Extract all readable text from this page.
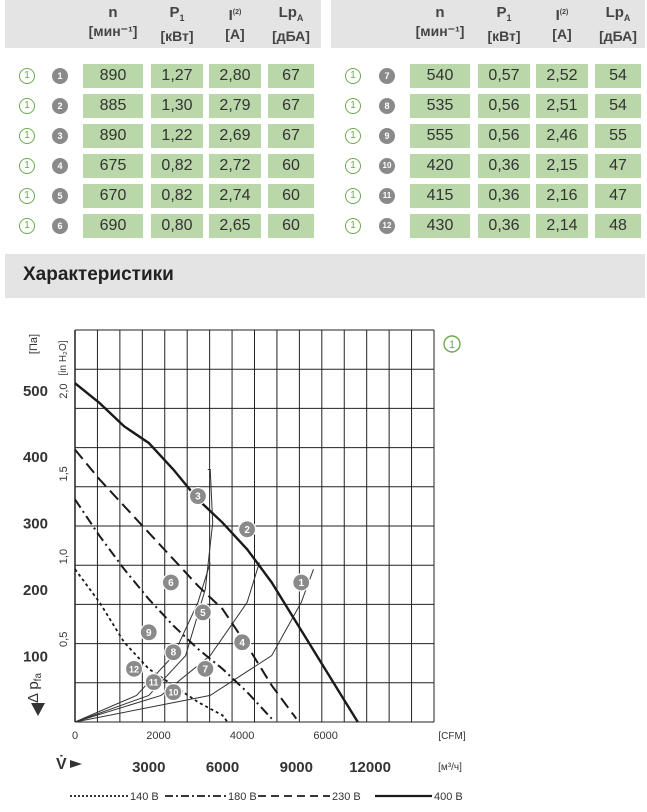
n
[мин⁻¹]
$P_1$
[кВт]
$I^{(2)}$
[A]
$Lp_A$
[дБА]
1	1	890	1,27	2,80	67
1	2	885	1,30	2,79	67
1	3	890	1,22	2,69	67
1	4	675	0,82	2,72	60
1	5	670	0,82	2,74	60
1	6	690	0,80	2,65	60
n
[мин⁻¹]
$P_1$
[кВт]
$I^{(2)}$
[A]
$Lp_A$
[дБА]
1	7	540	0,57	2,52	54
1	8	535	0,56	2,51	54
1	9	555	0,56	2,46	55
1	10	420	0,36	2,15	47
1	11	415	0,36	2,16	47
1	12	430	0,36	2,14	48
Характеристики
100
200
300
400
500
0,5
1,0
1,5
2,0
[Па] [in H₂O]
Δ $p_{fa}$
0	2000	4000	6000	[CFM]
3000	6000	9000 12000	[м³/ч]
V̇
1
2
3
4
5
6
7
8
9
10
11
12
1
140 В	180 В	230 В	400 В
